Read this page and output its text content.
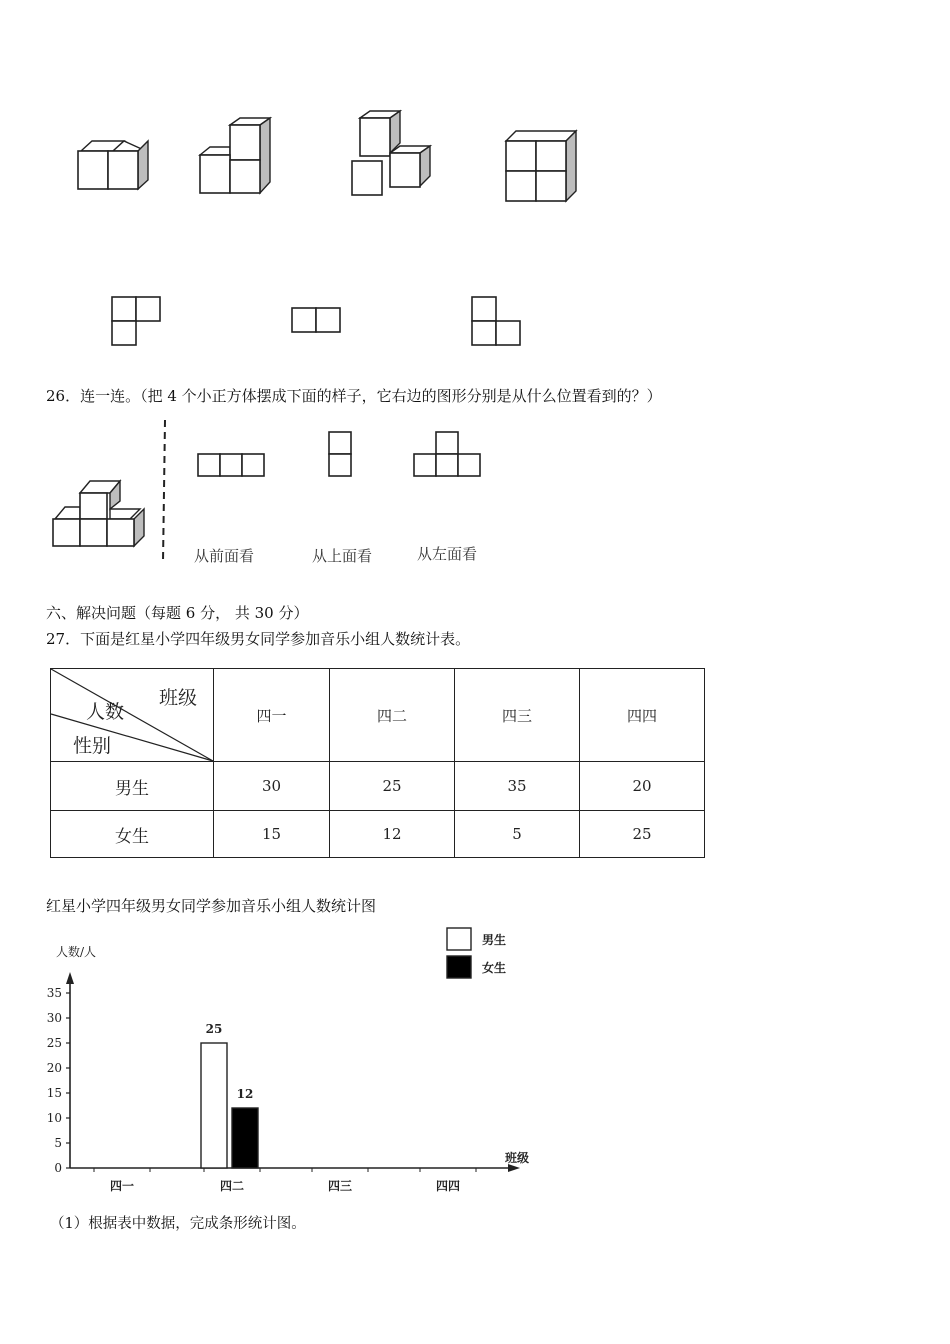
26．连一连。（把 4 个小正方体摆成下面的样子，它右边的图形分别是从什么位置看到的？）
从前面看	从上面看	从左面看
六、解决问题（每题 6 分， 共 30 分）
27．下面是红星小学四年级男女同学参加音乐小组人数统计表。
班级
人数
性别	四一	四二	四三	四四
男生	30	25	35	20
女生	15	12	5	25
红星小学四年级男女同学参加音乐小组人数统计图
0
5
10
15
20
25
30
35
人数/人
班级
四一	四二	四三	四四
25
12
男生
女生
（1）根据表中数据，完成条形统计图。
